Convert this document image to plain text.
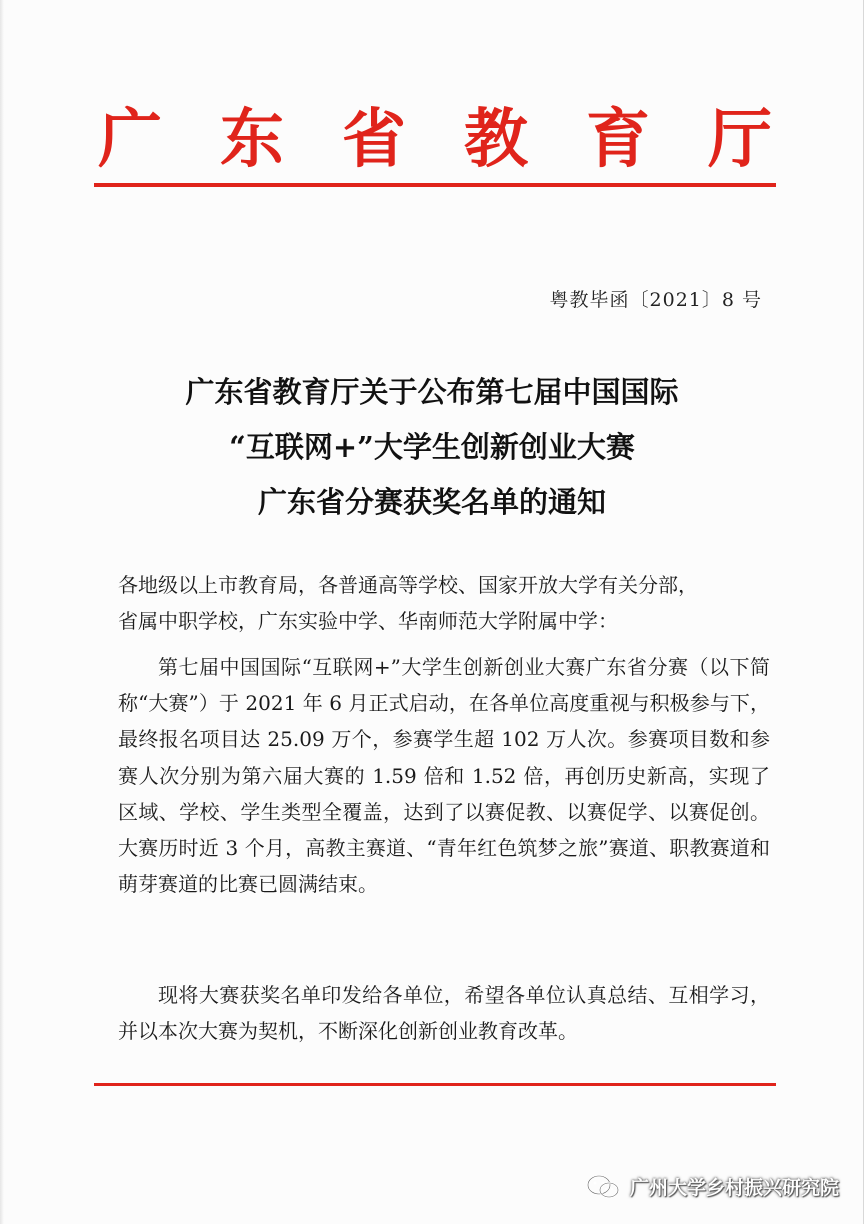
广 东 省 教 育 厅
粤教毕函〔2021〕8 号
广东省教育厅关于公布第七届中国国际
“互联网+”大学生创新创业大赛
广东省分赛获奖名单的通知
各地级以上市教育局，各普通高等学校、国家开放大学有关分部，
省属中职学校，广东实验中学、华南师范大学附属中学：
第七届中国国际“互联网+”大学生创新创业大赛广东省分赛（以下简称“大赛”）于 2021 年 6 月正式启动，在各单位高度重视与积极参与下，最终报名项目达 25.09 万个，参赛学生超 102 万人次。参赛项目数和参赛人次分别为第六届大赛的 1.59 倍和 1.52 倍，再创历史新高，实现了区域、学校、学生类型全覆盖，达到了以赛促教、以赛促学、以赛促创。大赛历时近 3 个月，高教主赛道、“青年红色筑梦之旅”赛道、职教赛道和萌芽赛道的比赛已圆满结束。
现将大赛获奖名单印发给各单位，希望各单位认真总结、互相学习，并以本次大赛为契机，不断深化创新创业教育改革。
广州大学乡村振兴研究院
